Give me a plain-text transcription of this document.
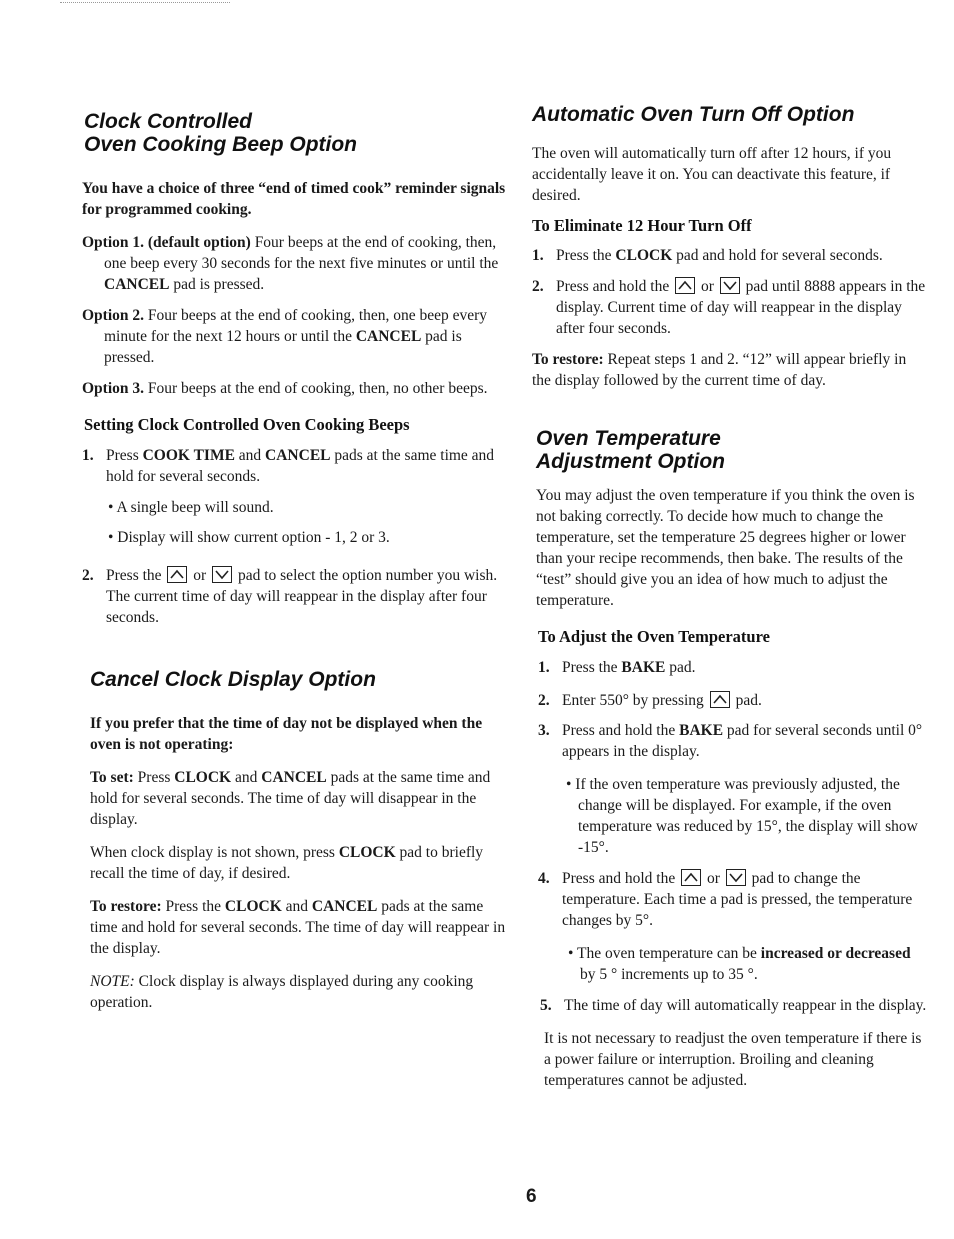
Clock Controlled
Oven Cooking Beep Option

You have a choice of three “end of timed cook” reminder signals for programmed cooking.

Option 1. (default option) Four beeps at the end of cooking, then, one beep every 30 seconds for the next five minutes or until the CANCEL pad is pressed.

Option 2. Four beeps at the end of cooking, then, one beep every minute for the next 12 hours or until the CANCEL pad is pressed.

Option 3. Four beeps at the end of cooking, then, no other beeps.

Setting Clock Controlled Oven Cooking Beeps

1. Press COOK TIME and CANCEL pads at the same time and hold for several seconds.

• A single beep will sound.

• Display will show current option - 1, 2 or 3.

2. Press the
or
pad to select the option number you wish. The current time of day will reappear in the display after four seconds.

Cancel Clock Display Option

If you prefer that the time of day not be displayed when the oven is not operating:

To set: Press CLOCK and CANCEL pads at the same time and hold for several seconds. The time of day will disappear in the display.

When clock display is not shown, press CLOCK pad to briefly recall the time of day, if desired.

To restore: Press the CLOCK and CANCEL pads at the same time and hold for several seconds. The time of day will reappear in the display.

NOTE: Clock display is always displayed during any cooking operation.

Automatic Oven Turn Off Option

The oven will automatically turn off after 12 hours, if you accidentally leave it on. You can deactivate this feature, if desired.

To Eliminate 12 Hour Turn Off

1. Press the CLOCK pad and hold for several seconds.

2. Press and hold the
or
pad until 8888 appears in the display. Current time of day will reappear in the display after four seconds.

To restore: Repeat steps 1 and 2. “12” will appear briefly in the display followed by the current time of day.

Oven Temperature
Adjustment Option

You may adjust the oven temperature if you think the oven is not baking correctly. To decide how much to change the temperature, set the temperature 25 degrees higher or lower than your recipe recommends, then bake. The results of the “test” should give you an idea of how much to adjust the temperature.

To Adjust the Oven Temperature

1. Press the BAKE pad.

2. Enter 550° by pressing
pad.

3. Press and hold the BAKE pad for several seconds until 0° appears in the display.

• If the oven temperature was previously adjusted, the change will be displayed. For example, if the oven temperature was reduced by 15°, the display will show -15°.

4. Press and hold the
or
pad to change the temperature. Each time a pad is pressed, the temperature changes by 5°.

• The oven temperature can be increased or decreased by 5 ° increments up to 35 °.

5. The time of day will automatically reappear in the display.

It is not necessary to readjust the oven temperature if there is a power failure or interruption. Broiling and cleaning temperatures cannot be adjusted.

6
